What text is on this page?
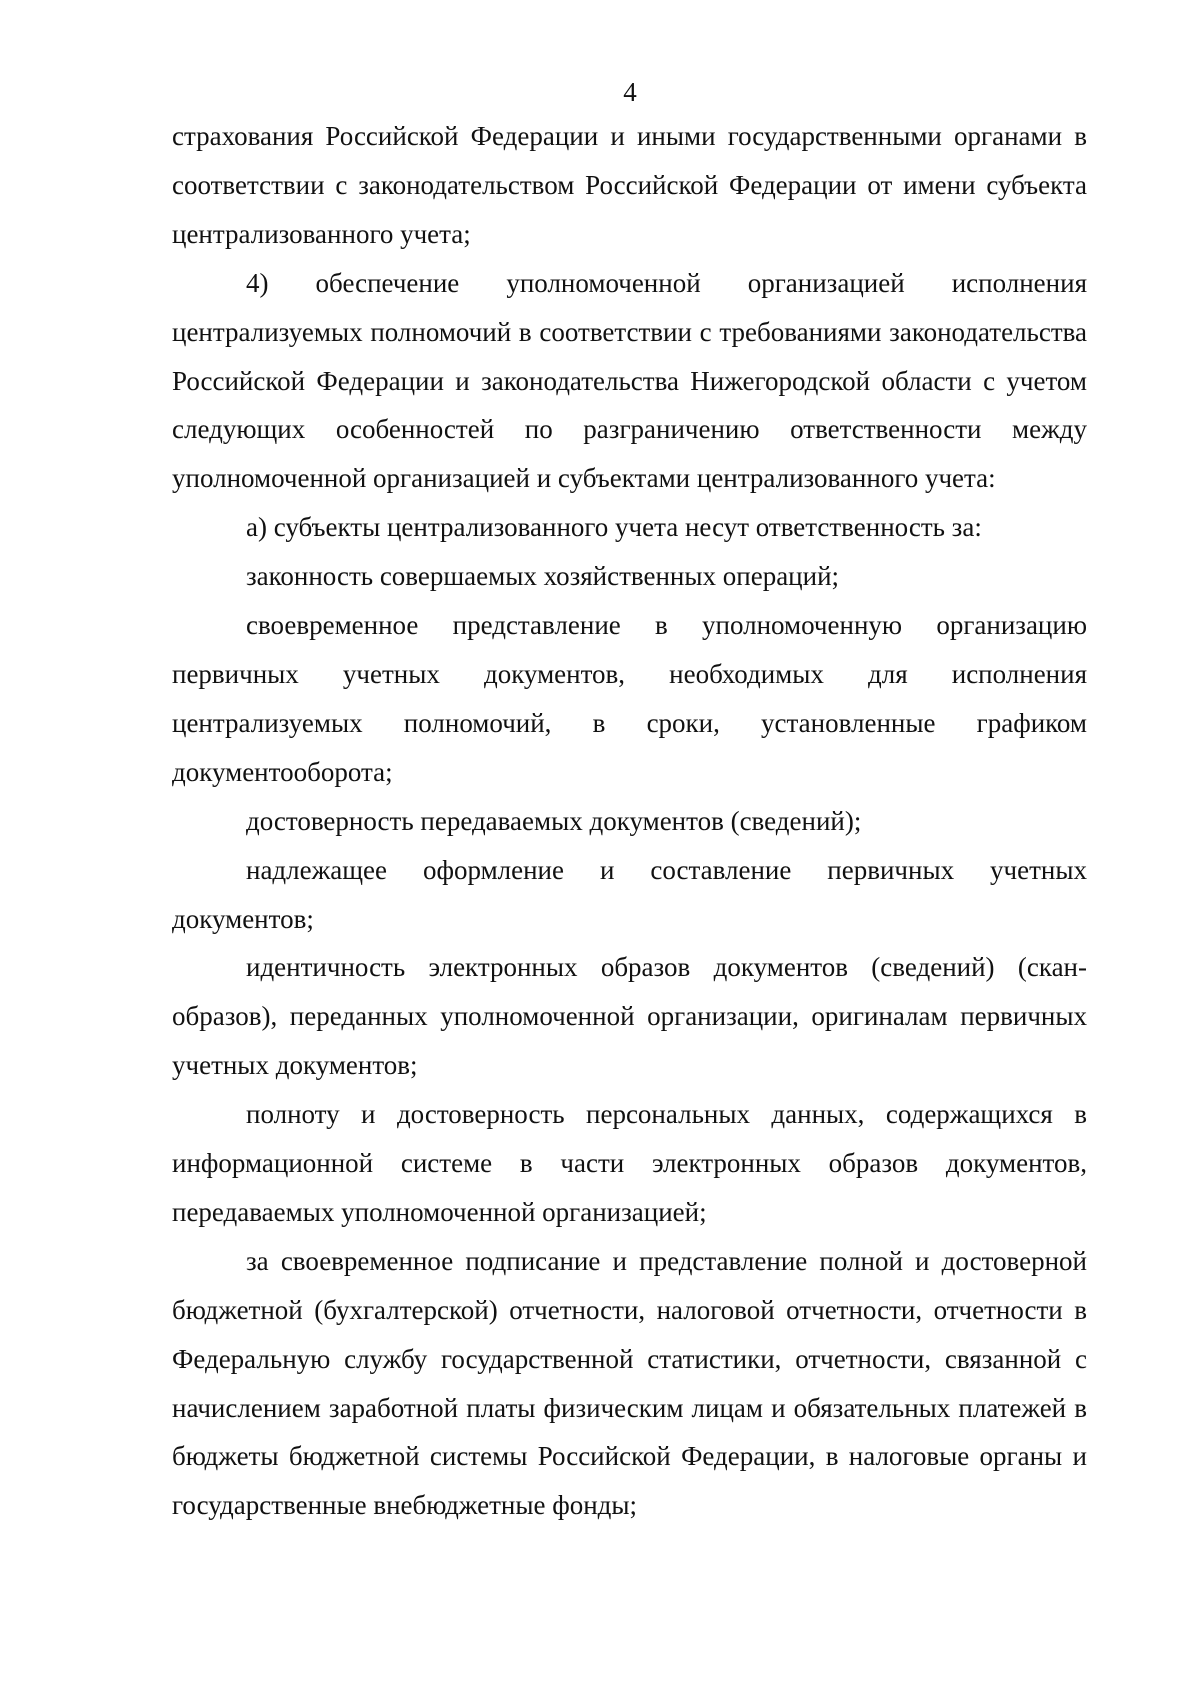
4

страхования Российской Федерации и иными государственными органами в соответствии с законодательством Российской Федерации от имени субъекта централизованного учета;

4) обеспечение уполномоченной организацией исполнения централизуемых полномочий в соответствии с требованиями законодательства Российской Федерации и законодательства Нижегородской области с учетом следующих особенностей по разграничению ответственности между уполномоченной организацией и субъектами централизованного учета:

а) субъекты централизованного учета несут ответственность за:

законность совершаемых хозяйственных операций;

своевременное представление в уполномоченную организацию первичных учетных документов, необходимых для исполнения централизуемых полномочий, в сроки, установленные графиком документооборота;

достоверность передаваемых документов (сведений);

надлежащее оформление и составление первичных учетных документов;

идентичность электронных образов документов (сведений) (скан-образов), переданных уполномоченной организации, оригиналам первичных учетных документов;

полноту и достоверность персональных данных, содержащихся в информационной системе в части электронных образов документов, передаваемых уполномоченной организацией;

за своевременное подписание и представление полной и достоверной бюджетной (бухгалтерской) отчетности, налоговой отчетности, отчетности в Федеральную службу государственной статистики, отчетности, связанной с начислением заработной платы физическим лицам и обязательных платежей в бюджеты бюджетной системы Российской Федерации, в налоговые органы и государственные внебюджетные фонды;
